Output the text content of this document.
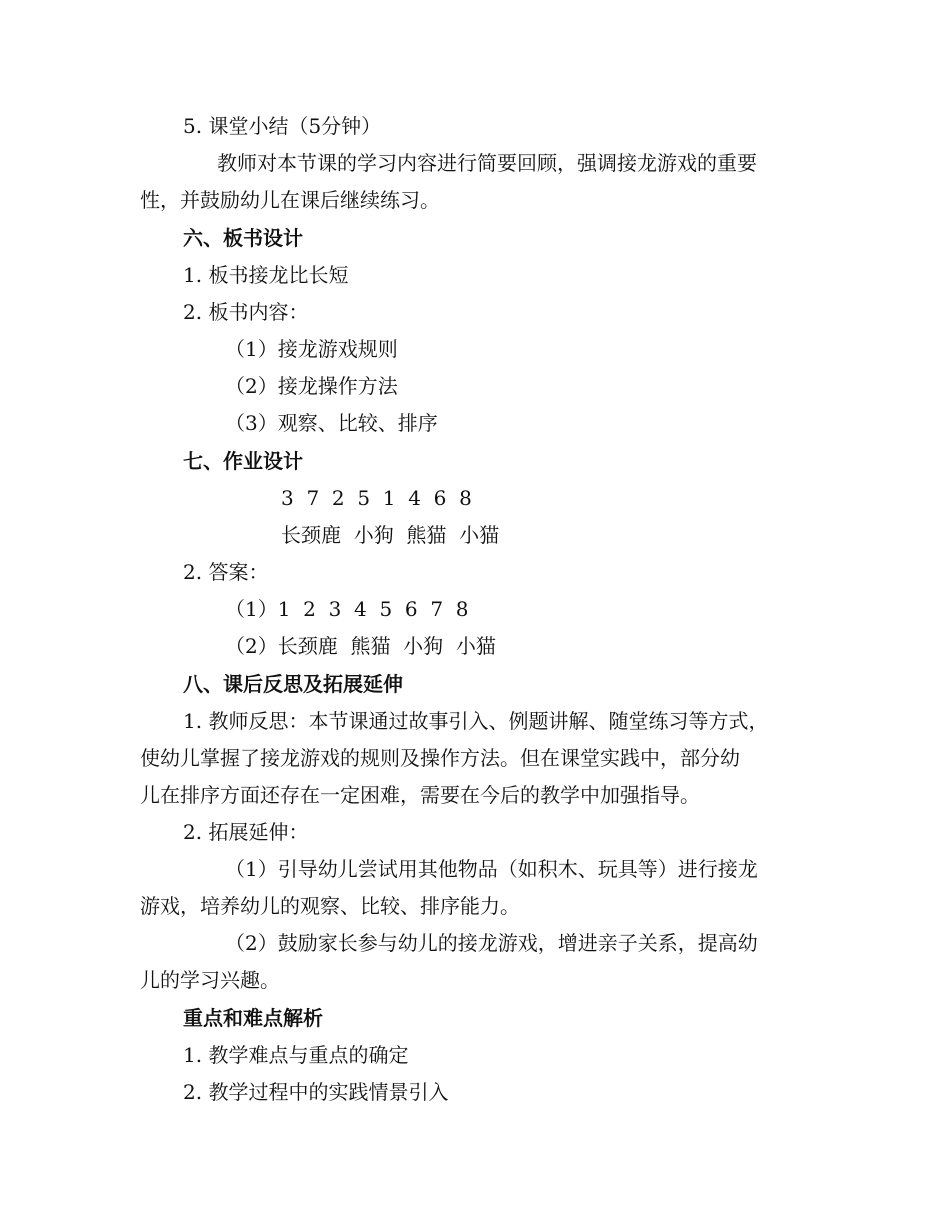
5. 课堂小结（5分钟）
教师对本节课的学习内容进行简要回顾，强调接龙游戏的重要
性，并鼓励幼儿在课后继续练习。
六、板书设计
1. 板书接龙比长短
2. 板书内容：
（1）接龙游戏规则
（2）接龙操作方法
（3）观察、比较、排序
七、作业设计
3  7  2  5  1  4  6  8
长颈鹿  小狗  熊猫  小猫
2. 答案：
（1）1  2  3  4  5  6  7  8
（2）长颈鹿  熊猫  小狗  小猫
八、课后反思及拓展延伸
1. 教师反思：本节课通过故事引入、例题讲解、随堂练习等方式，
使幼儿掌握了接龙游戏的规则及操作方法。但在课堂实践中，部分幼
儿在排序方面还存在一定困难，需要在今后的教学中加强指导。
2. 拓展延伸：
（1）引导幼儿尝试用其他物品（如积木、玩具等）进行接龙
游戏，培养幼儿的观察、比较、排序能力。
（2）鼓励家长参与幼儿的接龙游戏，增进亲子关系，提高幼
儿的学习兴趣。
重点和难点解析
1. 教学难点与重点的确定
2. 教学过程中的实践情景引入
